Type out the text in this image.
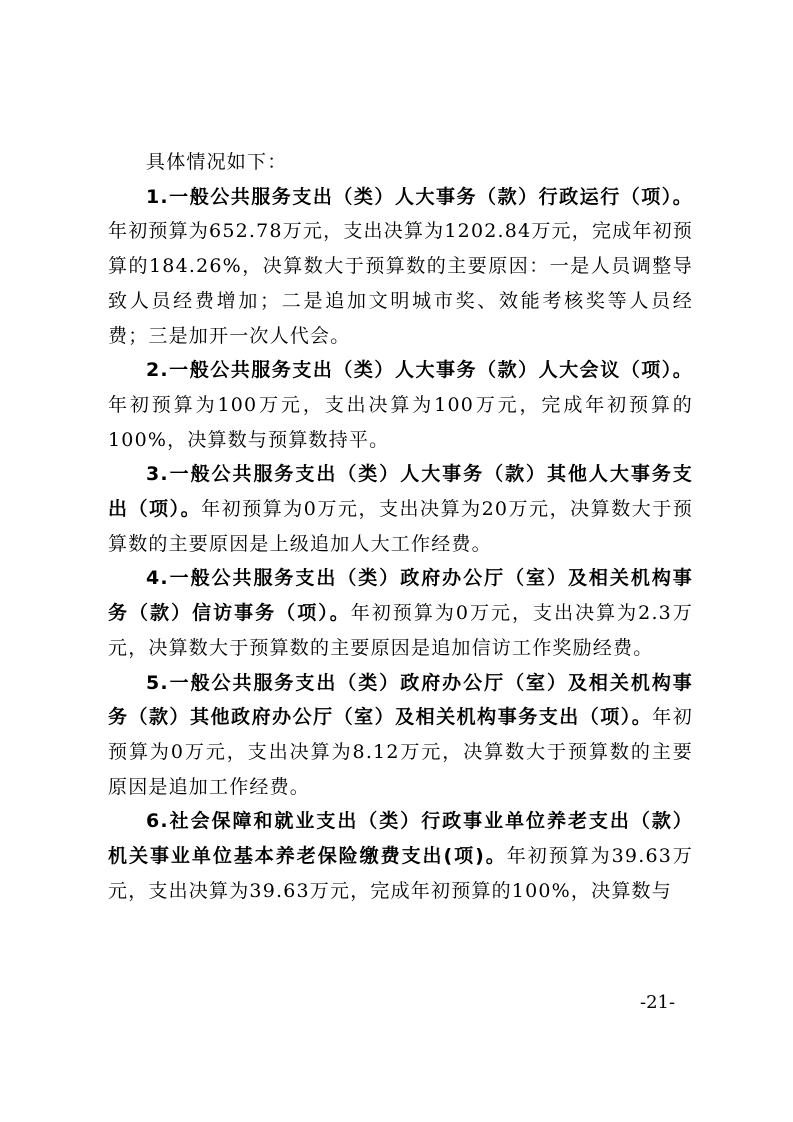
具体情况如下：

1.一般公共服务支出（类）人大事务（款）行政运行（项）。年初预算为652.78万元，支出决算为1202.84万元，完成年初预算的184.26%，决算数大于预算数的主要原因：一是人员调整导致人员经费增加；二是追加文明城市奖、效能考核奖等人员经费；三是加开一次人代会。

2.一般公共服务支出（类）人大事务（款）人大会议（项）。年初预算为100万元，支出决算为100万元，完成年初预算的100%，决算数与预算数持平。

3.一般公共服务支出（类）人大事务（款）其他人大事务支出（项）。年初预算为0万元，支出决算为20万元，决算数大于预算数的主要原因是上级追加人大工作经费。

4.一般公共服务支出（类）政府办公厅（室）及相关机构事务（款）信访事务（项）。年初预算为0万元，支出决算为2.3万元，决算数大于预算数的主要原因是追加信访工作奖励经费。

5.一般公共服务支出（类）政府办公厅（室）及相关机构事务（款）其他政府办公厅（室）及相关机构事务支出（项）。年初预算为0万元，支出决算为8.12万元，决算数大于预算数的主要原因是追加工作经费。

6.社会保障和就业支出（类）行政事业单位养老支出（款）机关事业单位基本养老保险缴费支出(项)。年初预算为39.63万元，支出决算为39.63万元，完成年初预算的100%，决算数与

-21-
